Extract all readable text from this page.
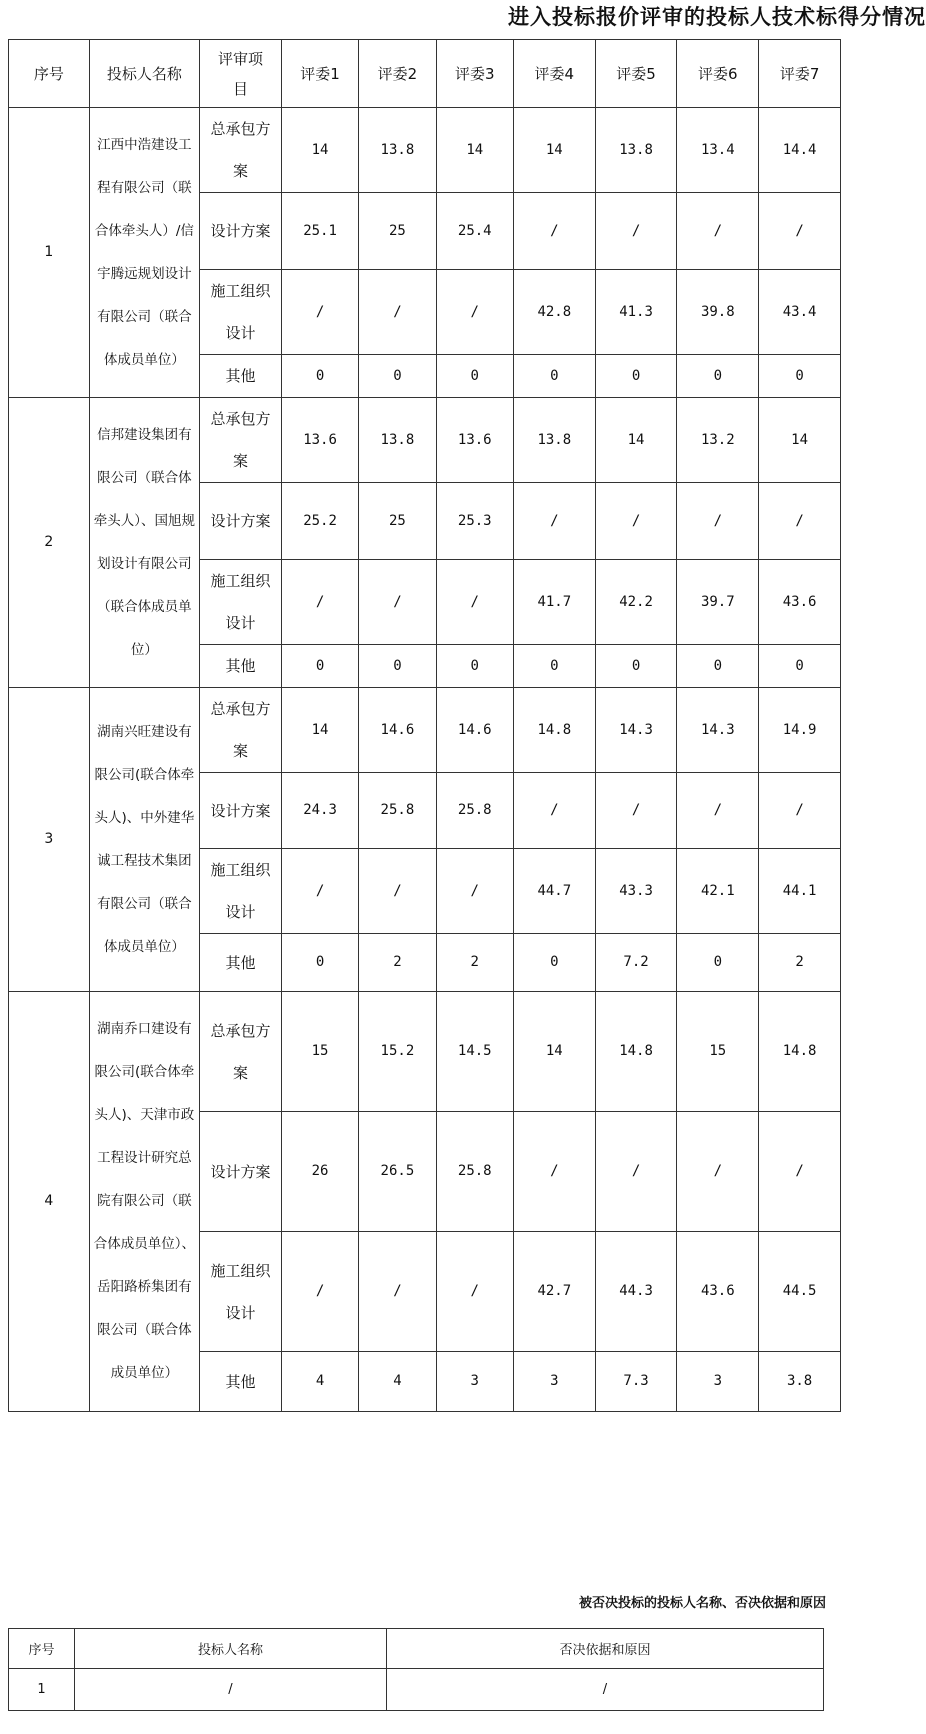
进入投标报价评审的投标人技术标得分情况
序号	投标人名称	评审项目	评委1	评委2	评委3	评委4	评委5	评委6	评委7
1	江西中浩建设工程有限公司（联合体牵头人）/信宇腾远规划设计有限公司（联合体成员单位）	总承包方案	14	13.8	14	14	13.8	13.4	14.4
		设计方案	25.1	25	25.4	/	/	/	/
		施工组织设计	/	/	/	42.8	41.3	39.8	43.4
		其他	0	0	0	0	0	0	0
2	信邦建设集团有限公司（联合体牵头人）、国旭规划设计有限公司（联合体成员单位）	总承包方案	13.6	13.8	13.6	13.8	14	13.2	14
		设计方案	25.2	25	25.3	/	/	/	/
		施工组织设计	/	/	/	41.7	42.2	39.7	43.6
		其他	0	0	0	0	0	0	0
3	湖南兴旺建设有限公司(联合体牵头人)、中外建华诚工程技术集团有限公司（联合体成员单位）	总承包方案	14	14.6	14.6	14.8	14.3	14.3	14.9
		设计方案	24.3	25.8	25.8	/	/	/	/
		施工组织设计	/	/	/	44.7	43.3	42.1	44.1
		其他	0	2	2	0	7.2	0	2
4	湖南乔口建设有限公司(联合体牵头人)、天津市政工程设计研究总院有限公司（联合体成员单位）、岳阳路桥集团有限公司（联合体成员单位）	总承包方案	15	15.2	14.5	14	14.8	15	14.8
		设计方案	26	26.5	25.8	/	/	/	/
		施工组织设计	/	/	/	42.7	44.3	43.6	44.5
		其他	4	4	3	3	7.3	3	3.8
被否决投标的投标人名称、否决依据和原因
序号	投标人名称	否决依据和原因
1	/	/
